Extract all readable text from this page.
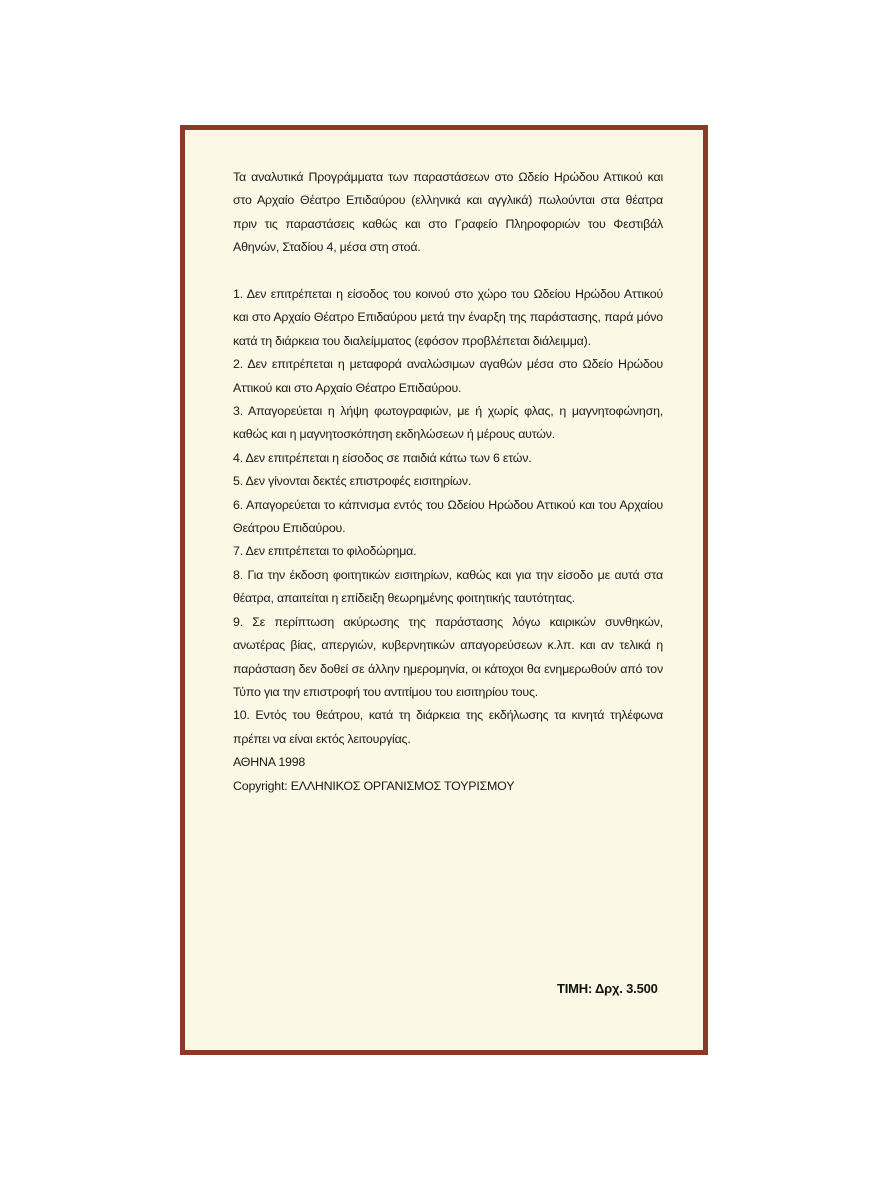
Τα αναλυτικά Προγράμματα των παραστάσεων στο Ωδείο Ηρώδου Αττικού και στο Αρχαίο Θέατρο Επιδαύρου (ελληνικά και αγγλικά) πωλούνται στα θέατρα πριν τις παραστάσεις καθώς και στο Γραφείο Πληροφοριών του Φεστιβάλ Αθηνών, Σταδίου 4, μέσα στη στοά.

1. Δεν επιτρέπεται η είσοδος του κοινού στο χώρο του Ωδείου Ηρώδου Αττικού και στο Αρχαίο Θέατρο Επιδαύρου μετά την έναρξη της παράστασης, παρά μόνο κατά τη διάρκεια του διαλείμματος (εφόσον προβλέπεται διάλειμμα).
2. Δεν επιτρέπεται η μεταφορά αναλώσιμων αγαθών μέσα στο Ωδείο Ηρώδου Αττικού και στο Αρχαίο Θέατρο Επιδαύρου.
3. Απαγορεύεται η λήψη φωτογραφιών, με ή χωρίς φλας, η μαγνητοφώνηση, καθώς και η μαγνητοσκόπηση εκδηλώσεων ή μέρους αυτών.
4. Δεν επιτρέπεται η είσοδος σε παιδιά κάτω των 6 ετών.
5. Δεν γίνονται δεκτές επιστροφές εισιτηρίων.
6. Απαγορεύεται το κάπνισμα εντός του Ωδείου Ηρώδου Αττικού και του Αρχαίου Θεάτρου Επιδαύρου.
7. Δεν επιτρέπεται το φιλοδώρημα.
8. Για την έκδοση φοιτητικών εισιτηρίων, καθώς και για την είσοδο με αυτά στα θέατρα, απαιτείται η επίδειξη θεωρημένης φοιτητικής ταυτότητας.
9. Σε περίπτωση ακύρωσης της παράστασης λόγω καιρικών συνθηκών, ανωτέρας βίας, απεργιών, κυβερνητικών απαγορεύσεων κ.λπ. και αν τελικά η παράσταση δεν δοθεί σε άλλην ημερομηνία, οι κάτοχοι θα ενημερωθούν από τον Τύπο για την επιστροφή του αντιτίμου του εισιτηρίου τους.
10. Εντός του θεάτρου, κατά τη διάρκεια της εκδήλωσης τα κινητά τηλέφωνα πρέπει να είναι εκτός λειτουργίας.

ΑΘΗΝΑ 1998

Copyright: ΕΛΛΗΝΙΚΟΣ ΟΡΓΑΝΙΣΜΟΣ ΤΟΥΡΙΣΜΟΥ

ΤΙΜΗ: Δρχ. 3.500
